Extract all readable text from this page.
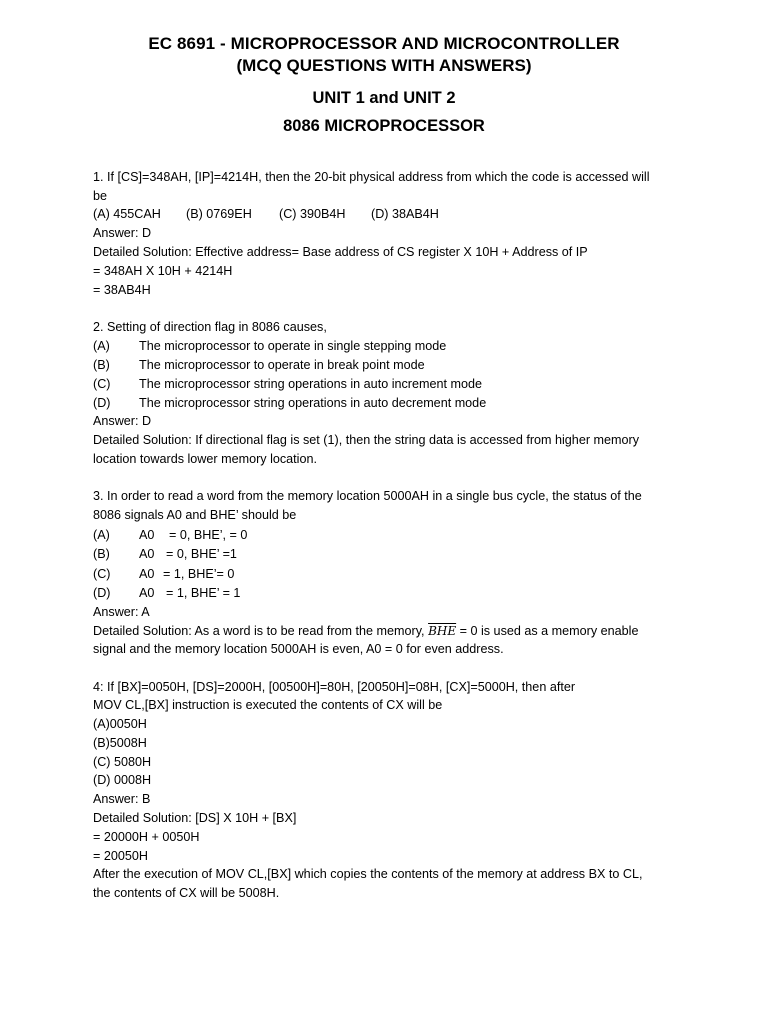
EC 8691 - MICROPROCESSOR AND MICROCONTROLLER
(MCQ QUESTIONS WITH ANSWERS)
UNIT 1 and UNIT 2
8086 MICROPROCESSOR
1. If [CS]=348AH, [IP]=4214H, then the 20-bit physical address from which the code is accessed will
be
(A) 455CAH (B) 0769EH (C) 390B4H (D) 38AB4H
Answer: D
Detailed Solution: Effective address= Base address of CS register X 10H + Address of IP
= 348AH X 10H + 4214H
= 38AB4H
2. Setting of direction flag in 8086 causes,
(A) The microprocessor to operate in single stepping mode
(B) The microprocessor to operate in break point mode
(C) The microprocessor string operations in auto increment mode
(D) The microprocessor string operations in auto decrement mode
Answer: D
Detailed Solution: If directional flag is set (1), then the string data is accessed from higher memory
location towards lower memory location.
3. In order to read a word from the memory location 5000AH in a single bus cycle, the status of the
8086 signals A0 and BHE’ should be
(A) A0 = 0, BHE’, = 0
(B) A0 = 0, BHE’ =1
(C) A0 = 1, BHE’= 0
(D) A0 = 1, BHE’ = 1
Answer: A
Detailed Solution: As a word is to be read from the memory, $\overline{BHE} = 0$ is used as a memory enable
signal and the memory location 5000AH is even, A0 = 0 for even address.
4: If [BX]=0050H, [DS]=2000H, [00500H]=80H, [20050H]=08H, [CX]=5000H, then after
MOV CL,[BX] instruction is executed the contents of CX will be
(A)0050H
(B)5008H
(C) 5080H
(D) 0008H
Answer: B
Detailed Solution: [DS] X 10H + [BX]
= 20000H + 0050H
= 20050H
After the execution of MOV CL,[BX] which copies the contents of the memory at address BX to CL,
the contents of CX will be 5008H.
